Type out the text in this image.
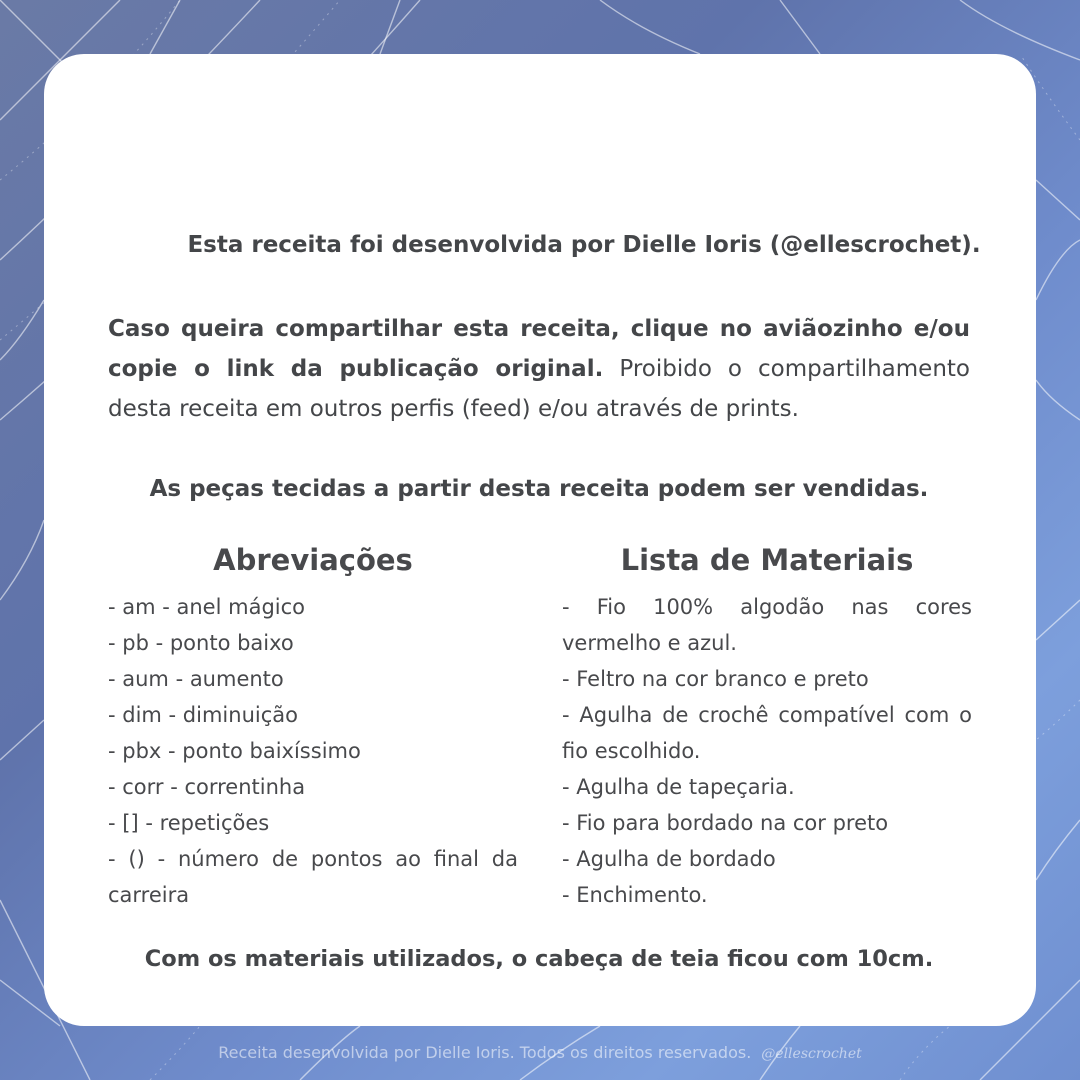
Esta receita foi desenvolvida por Dielle Ioris (@ellescrochet).
Caso queira compartilhar esta receita, clique no aviãozinho e/ou copie o link da publicação original. Proibido o compartilhamento desta receita em outros perfis (feed) e/ou através de prints.
As peças tecidas a partir desta receita podem ser vendidas.
Abreviações	Lista de Materiais
- am - anel mágico
- pb - ponto baixo
- aum - aumento
- dim - diminuição
- pbx - ponto baixíssimo
- corr - correntinha
- [] - repetições
- () - número de pontos ao final da carreira
- Fio 100% algodão nas cores vermelho e azul.
- Feltro na cor branco e preto
- Agulha de crochê compatível com o fio escolhido.
- Agulha de tapeçaria.
- Fio para bordado na cor preto
- Agulha de bordado
- Enchimento.
Com os materiais utilizados, o cabeça de teia ficou com 10cm.
Receita desenvolvida por Dielle Ioris. Todos os direitos reservados. @ellescrochet
